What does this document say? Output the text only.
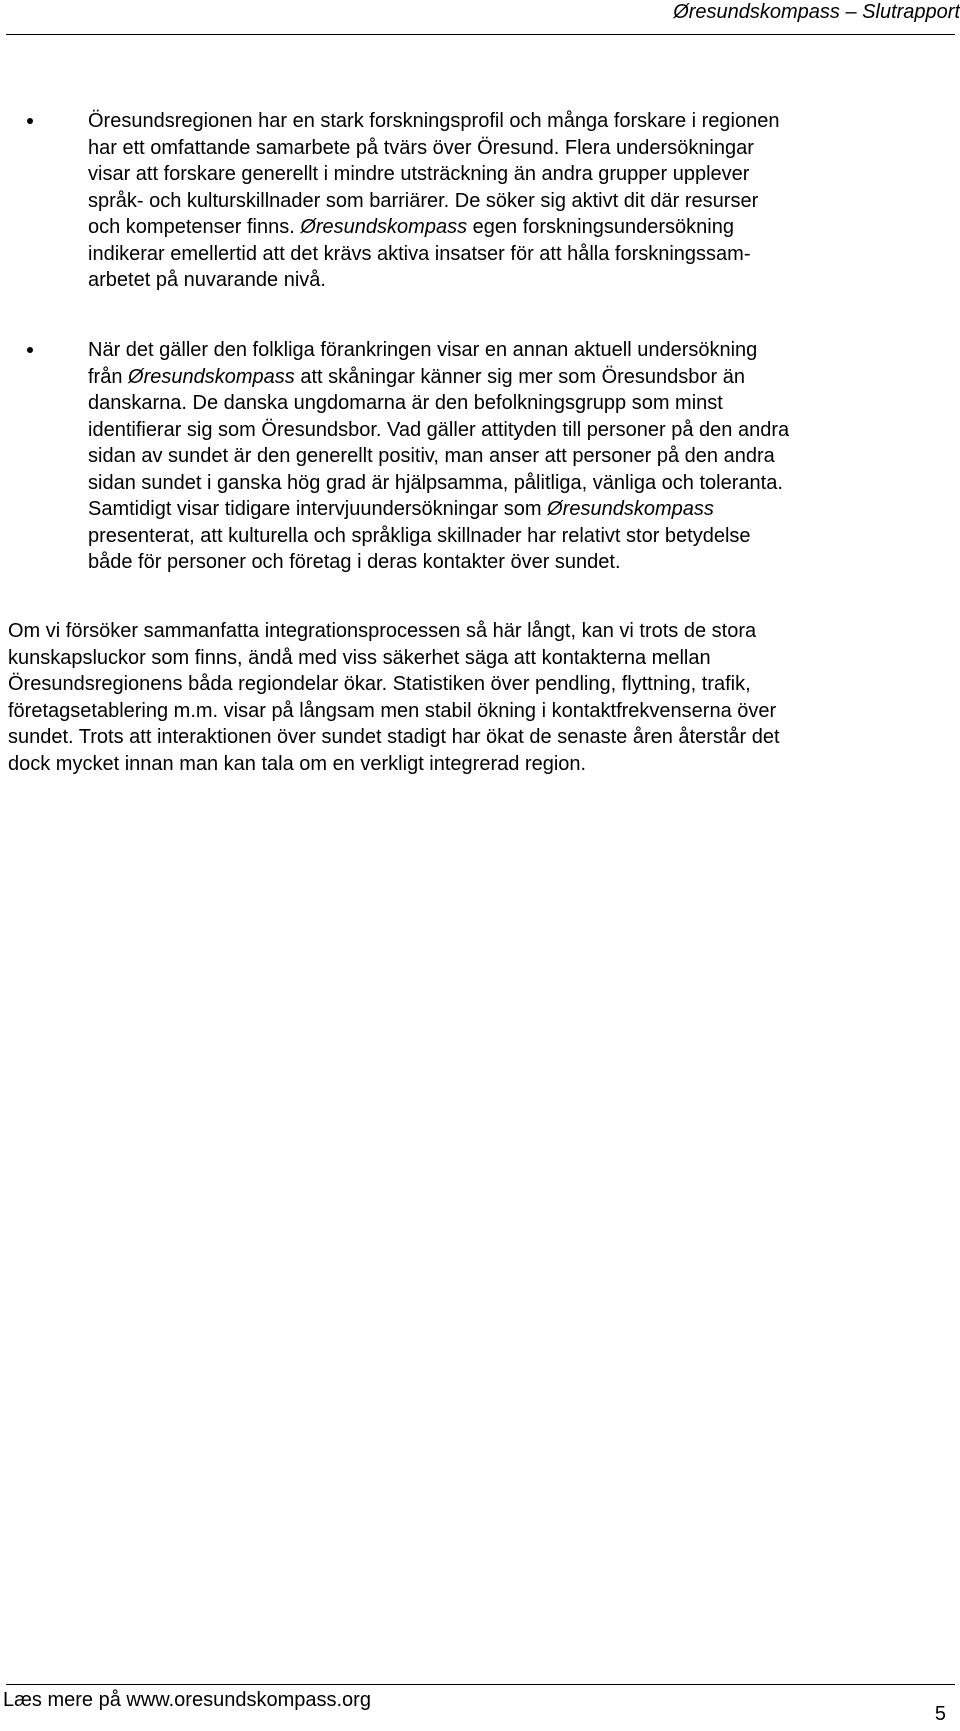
Øresundskompass – Slutrapport
Öresundsregionen har en stark forskningsprofil och många forskare i regionen
har ett omfattande samarbete på tvärs över Öresund. Flera undersökningar
visar att forskare generellt i mindre utsträckning än andra grupper upplever
språk- och kulturskillnader som barriärer. De söker sig aktivt dit där resurser
och kompetenser finns. Øresundskompass egen forskningsundersökning
indikerar emellertid att det krävs aktiva insatser för att hålla forskningssam-
arbetet på nuvarande nivå.
När det gäller den folkliga förankringen visar en annan aktuell undersökning
från Øresundskompass att skåningar känner sig mer som Öresundsbor än
danskarna. De danska ungdomarna är den befolkningsgrupp som minst
identifierar sig som Öresundsbor. Vad gäller attityden till personer på den andra
sidan av sundet är den generellt positiv, man anser att personer på den andra
sidan sundet i ganska hög grad är hjälpsamma, pålitliga, vänliga och toleranta.
Samtidigt visar tidigare intervjuundersökningar som Øresundskompass
presenterat, att kulturella och språkliga skillnader har relativt stor betydelse
både för personer och företag i deras kontakter över sundet.
Om vi försöker sammanfatta integrationsprocessen så här långt, kan vi trots de stora
kunskapsluckor som finns, ändå med viss säkerhet säga att kontakterna mellan
Öresundsregionens båda regiondelar ökar. Statistiken över pendling, flyttning, trafik,
företagsetablering m.m. visar på långsam men stabil ökning i kontaktfrekvenserna över
sundet. Trots att interaktionen över sundet stadigt har ökat de senaste åren återstår det
dock mycket innan man kan tala om en verkligt integrerad region.
Læs mere på www.oresundskompass.org
5
